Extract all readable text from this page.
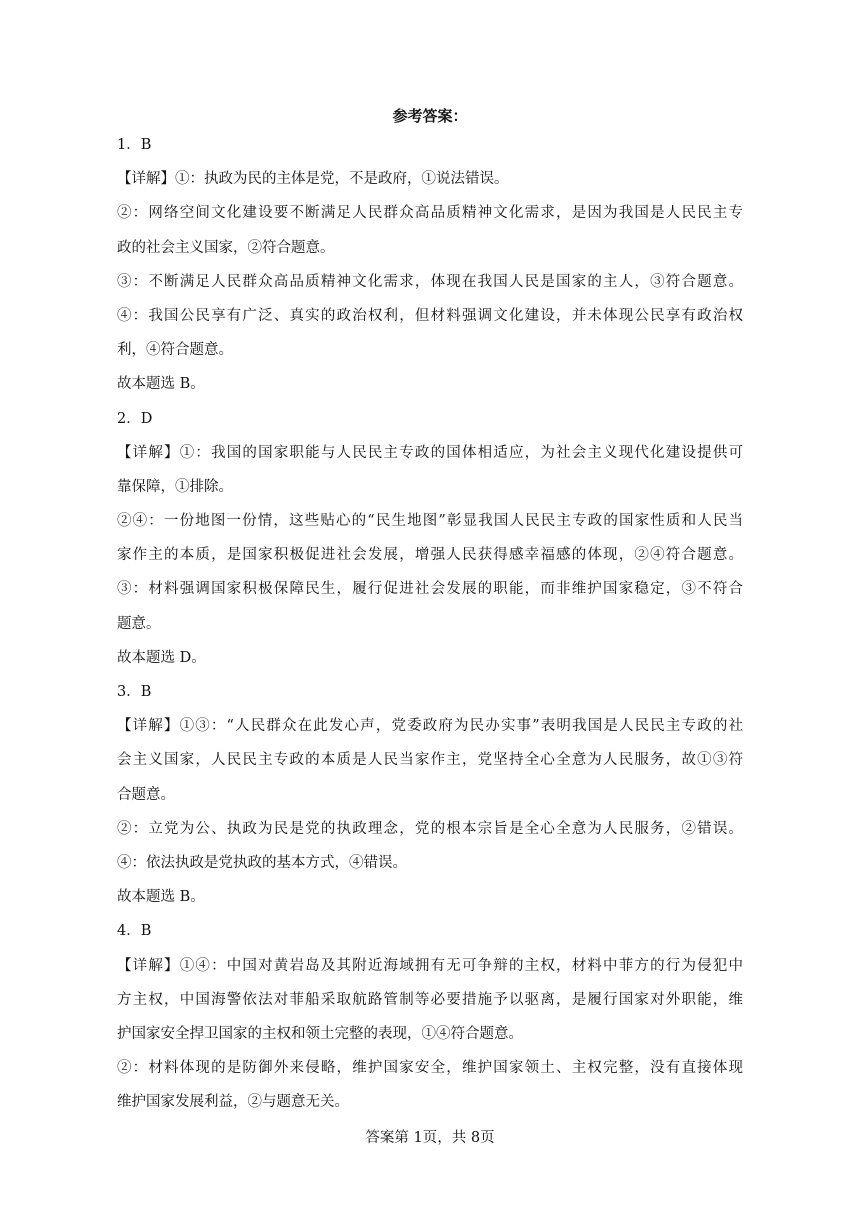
参考答案：
1．B
【详解】①：执政为民的主体是党，不是政府，①说法错误。
②：网络空间文化建设要不断满足人民群众高品质精神文化需求，是因为我国是人民民主专
政的社会主义国家，②符合题意。
③：不断满足人民群众高品质精神文化需求，体现在我国人民是国家的主人，③符合题意。
④：我国公民享有广泛、真实的政治权利，但材料强调文化建设，并未体现公民享有政治权
利，④符合题意。
故本题选 B。
2．D
【详解】①：我国的国家职能与人民民主专政的国体相适应，为社会主义现代化建设提供可
靠保障，①排除。
②④：一份地图一份情，这些贴心的“民生地图”彰显我国人民民主专政的国家性质和人民当
家作主的本质，是国家积极促进社会发展，增强人民获得感幸福感的体现，②④符合题意。
③：材料强调国家积极保障民生，履行促进社会发展的职能，而非维护国家稳定，③不符合
题意。
故本题选 D。
3．B
【详解】①③：“人民群众在此发心声，党委政府为民办实事”表明我国是人民民主专政的社
会主义国家，人民民主专政的本质是人民当家作主，党坚持全心全意为人民服务，故①③符
合题意。
②：立党为公、执政为民是党的执政理念，党的根本宗旨是全心全意为人民服务，②错误。
④：依法执政是党执政的基本方式，④错误。
故本题选 B。
4．B
【详解】①④：中国对黄岩岛及其附近海域拥有无可争辩的主权，材料中菲方的行为侵犯中
方主权，中国海警依法对菲船采取航路管制等必要措施予以驱离，是履行国家对外职能，维
护国家安全捍卫国家的主权和领土完整的表现，①④符合题意。
②：材料体现的是防御外来侵略，维护国家安全，维护国家领土、主权完整，没有直接体现
维护国家发展利益，②与题意无关。
答案第 1页，共 8页
